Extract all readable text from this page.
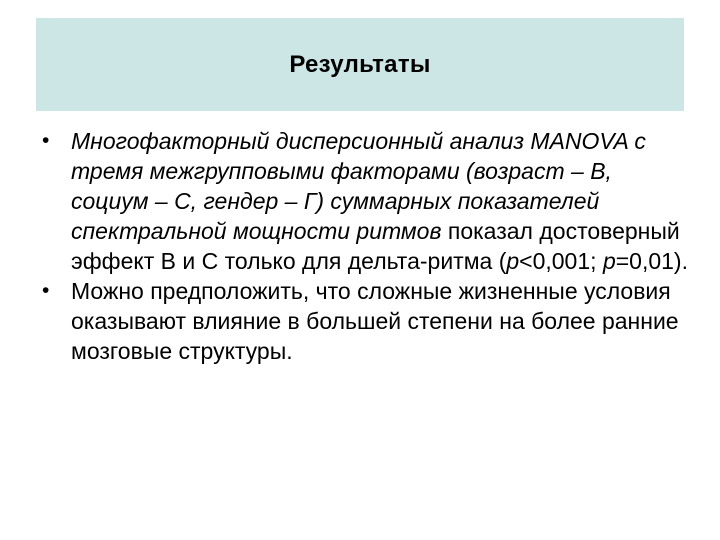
Результаты
• Многофакторный дисперсионный анализ MANOVA с тремя межгрупповыми факторами (возраст – В, социум – С, гендер – Г) суммарных показателей спектральной мощности ритмов показал достоверный эффект В и С только для дельта-ритма (p<0,001; p=0,01).
• Можно предположить, что сложные жизненные условия оказывают влияние в большей степени на более ранние мозговые структуры.
